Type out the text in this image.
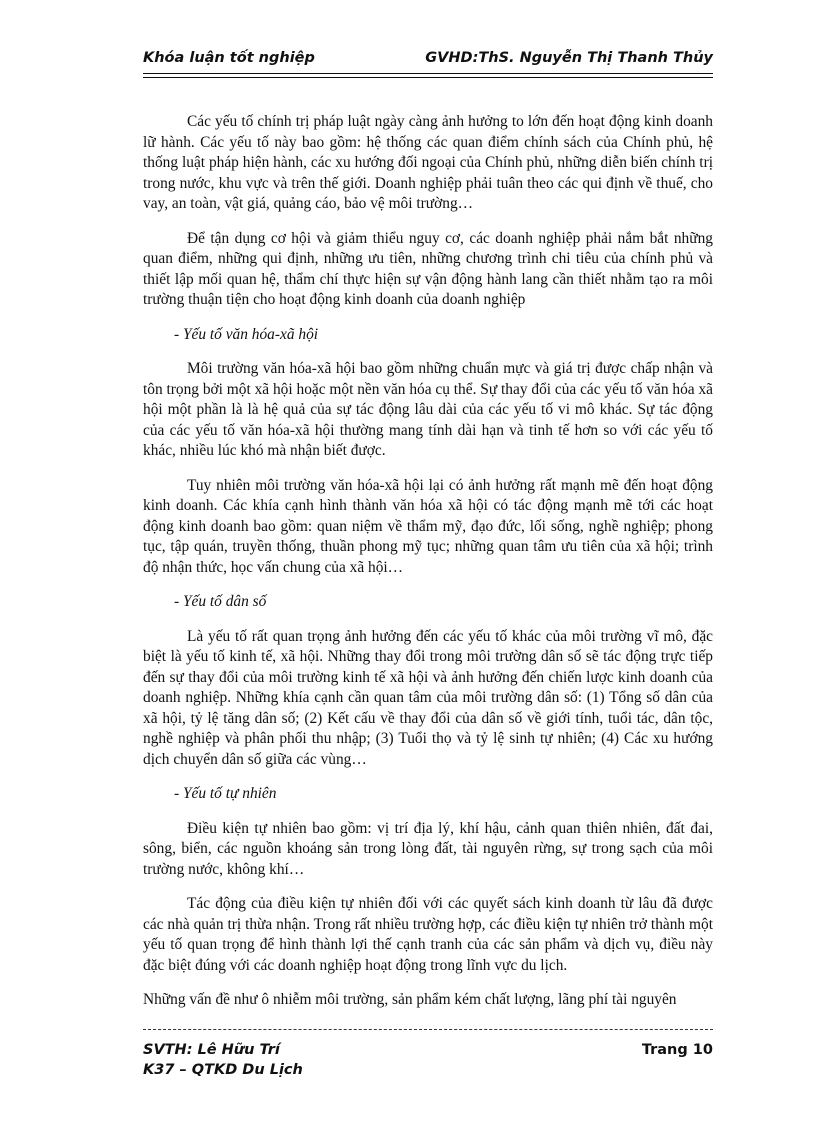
Khóa luận tốt nghiệp	GVHD:ThS. Nguyễn Thị Thanh Thủy

Các yếu tố chính trị pháp luật ngày càng ảnh hưởng to lớn đến hoạt động kinh doanh lữ hành. Các yếu tố này bao gồm: hệ thống các quan điểm chính sách của Chính phủ, hệ thống luật pháp hiện hành, các xu hướng đối ngoại của Chính phủ, những diễn biến chính trị trong nước, khu vực và trên thế giới. Doanh nghiệp phải tuân theo các qui định về thuế, cho vay, an toàn, vật giá, quảng cáo, bảo vệ môi trường…

Để tận dụng cơ hội và giảm thiểu nguy cơ, các doanh nghiệp phải nắm bắt những quan điểm, những qui định, những ưu tiên, những chương trình chi tiêu của chính phủ và thiết lập mối quan hệ, thẩm chí thực hiện sự vận động hành lang cần thiết nhằm tạo ra môi trường thuận tiện cho hoạt động kinh doanh của doanh nghiệp

- Yếu tố văn hóa-xã hội

Môi trường văn hóa-xã hội bao gồm những chuẩn mực và giá trị được chấp nhận và tôn trọng bởi một xã hội hoặc một nền văn hóa cụ thể. Sự thay đổi của các yếu tố văn hóa xã hội một phần là là hệ quả của sự tác động lâu dài của các yếu tố vi mô khác. Sự tác động của các yếu tố văn hóa-xã hội thường mang tính dài hạn và tinh tế hơn so với các yếu tố khác, nhiều lúc khó mà nhận biết được.

Tuy nhiên môi trường văn hóa-xã hội lại có ảnh hưởng rất mạnh mẽ đến hoạt động kinh doanh. Các khía cạnh hình thành văn hóa xã hội có tác động mạnh mẽ tới các hoạt động kinh doanh bao gồm: quan niệm về thẩm mỹ, đạo đức, lối sống, nghề nghiệp; phong tục, tập quán, truyền thống, thuần phong mỹ tục; những quan tâm ưu tiên của xã hội; trình độ nhận thức, học vấn chung của xã hội…

- Yếu tố dân số

Là yếu tố rất quan trọng ảnh hưởng đến các yếu tố khác của môi trường vĩ mô, đặc biệt là yếu tố kinh tế, xã hội. Những thay đổi trong môi trường dân số sẽ tác động trực tiếp đến sự thay đổi của môi trường kinh tế xã hội và ảnh hưởng đến chiến lược kinh doanh của doanh nghiệp. Những khía cạnh cần quan tâm của môi trường dân số: (1) Tổng số dân của xã hội, tỷ lệ tăng dân số; (2) Kết cấu về thay đổi của dân số về giới tính, tuổi tác, dân tộc, nghề nghiệp và phân phối thu nhập; (3) Tuổi thọ và tỷ lệ sinh tự nhiên; (4) Các xu hướng dịch chuyển dân số giữa các vùng…

- Yếu tố tự nhiên

Điều kiện tự nhiên bao gồm: vị trí địa lý, khí hậu, cảnh quan thiên nhiên, đất đai, sông, biển, các nguồn khoáng sản trong lòng đất, tài nguyên rừng, sự trong sạch của môi trường nước, không khí…

Tác động của điều kiện tự nhiên đối với các quyết sách kinh doanh từ lâu đã được các nhà quản trị thừa nhận. Trong rất nhiều trường hợp, các điều kiện tự nhiên trở thành một yếu tố quan trọng để hình thành lợi thế cạnh tranh của các sản phẩm và dịch vụ, điều này đặc biệt đúng với các doanh nghiệp hoạt động trong lĩnh vực du lịch.

Những vấn đề như ô nhiễm môi trường, sản phẩm kém chất lượng, lãng phí tài nguyên

SVTH: Lê Hữu Trí
K37 – QTKD Du Lịch
Trang 10
